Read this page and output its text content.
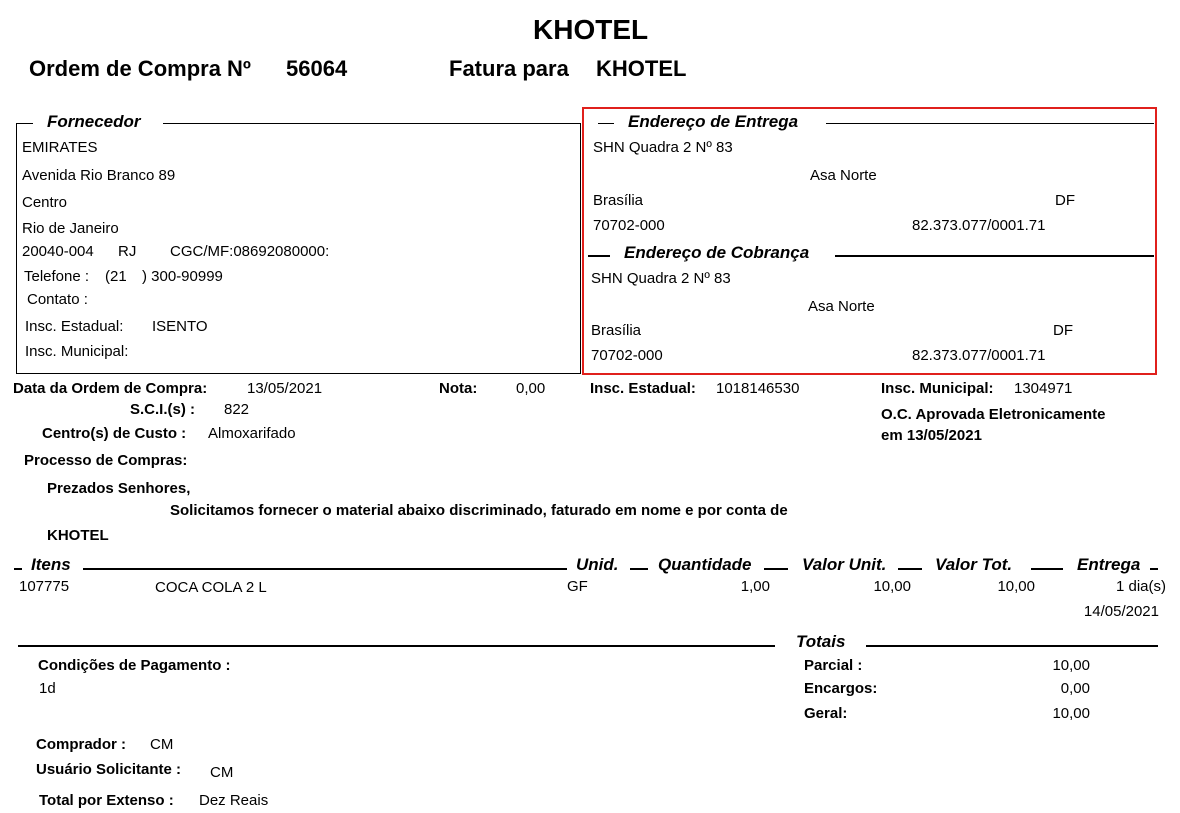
KHOTEL
Ordem de Compra Nº 56064	Fatura para KHOTEL
Fornecedor
EMIRATES
Avenida Rio Branco 89
Centro
Rio de Janeiro
20040-004 RJ CGC/MF:08692080000:
Telefone : (21 ) 300-90999
Contato :
Insc. Estadual: ISENTO
Insc. Municipal:
Endereço de Entrega
SHN Quadra 2 Nº 83
Asa Norte
Brasília	DF
70702-000	82.373.077/0001.71
Endereço de Cobrança
SHN Quadra 2 Nº 83
Asa Norte
Brasília	DF
70702-000	82.373.077/0001.71
Data da Ordem de Compra:	13/05/2021	Nota:	0,00	Insc. Estadual: 1018146530	Insc. Municipal: 1304971
S.C.I.(s) : 822	O.C. Aprovada Eletronicamente
em 13/05/2021
Centro(s) de Custo : Almoxarifado
Processo de Compras:
Prezados Senhores,
Solicitamos fornecer o material abaixo discriminado, faturado em nome e por conta de
KHOTEL
Itens	Unid. Quantidade	Valor Unit.	Valor Tot.	Entrega
107775	COCA COLA 2 L	GF	1,00	10,00	10,00	1 dia(s)
14/05/2021
Totais
Parcial :	10,00
Encargos:	0,00
Geral:	10,00
Condições de Pagamento :
1d
Comprador : CM
Usuário Solicitante : CM
Total por Extenso : Dez Reais
